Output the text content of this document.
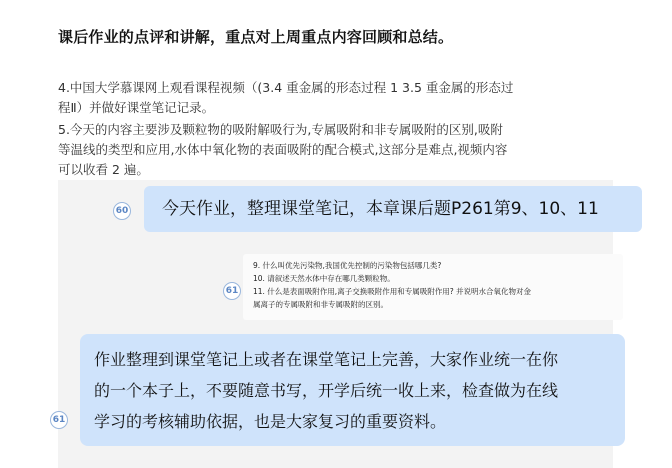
课后作业的点评和讲解，重点对上周重点内容回顾和总结。
4.中国大学慕课网上观看课程视频（(3.4 重金属的形态过程 1 3.5 重金属的形态过
程Ⅱ）并做好课堂笔记记录。
5.今天的内容主要涉及颗粒物的吸附解吸行为,专属吸附和非专属吸附的区别,吸附
等温线的类型和应用,水体中氧化物的表面吸附的配合模式,这部分是难点,视频内容
可以收看 2 遍。
60	今天作业，整理课堂笔记，本章课后题P261第9、10、11
61
9. 什么叫优先污染物,我国优先控制的污染物包括哪几类?
10. 请叙述天然水体中存在哪几类颗粒物。
11. 什么是表面吸附作用,离子交换吸附作用和专属吸附作用? 并说明水合氧化物对金
属离子的专属吸附和非专属吸附的区别。
61
作业整理到课堂笔记上或者在课堂笔记上完善，大家作业统一在你
的一个本子上，不要随意书写，开学后统一收上来，检查做为在线
学习的考核辅助依据，也是大家复习的重要资料。
